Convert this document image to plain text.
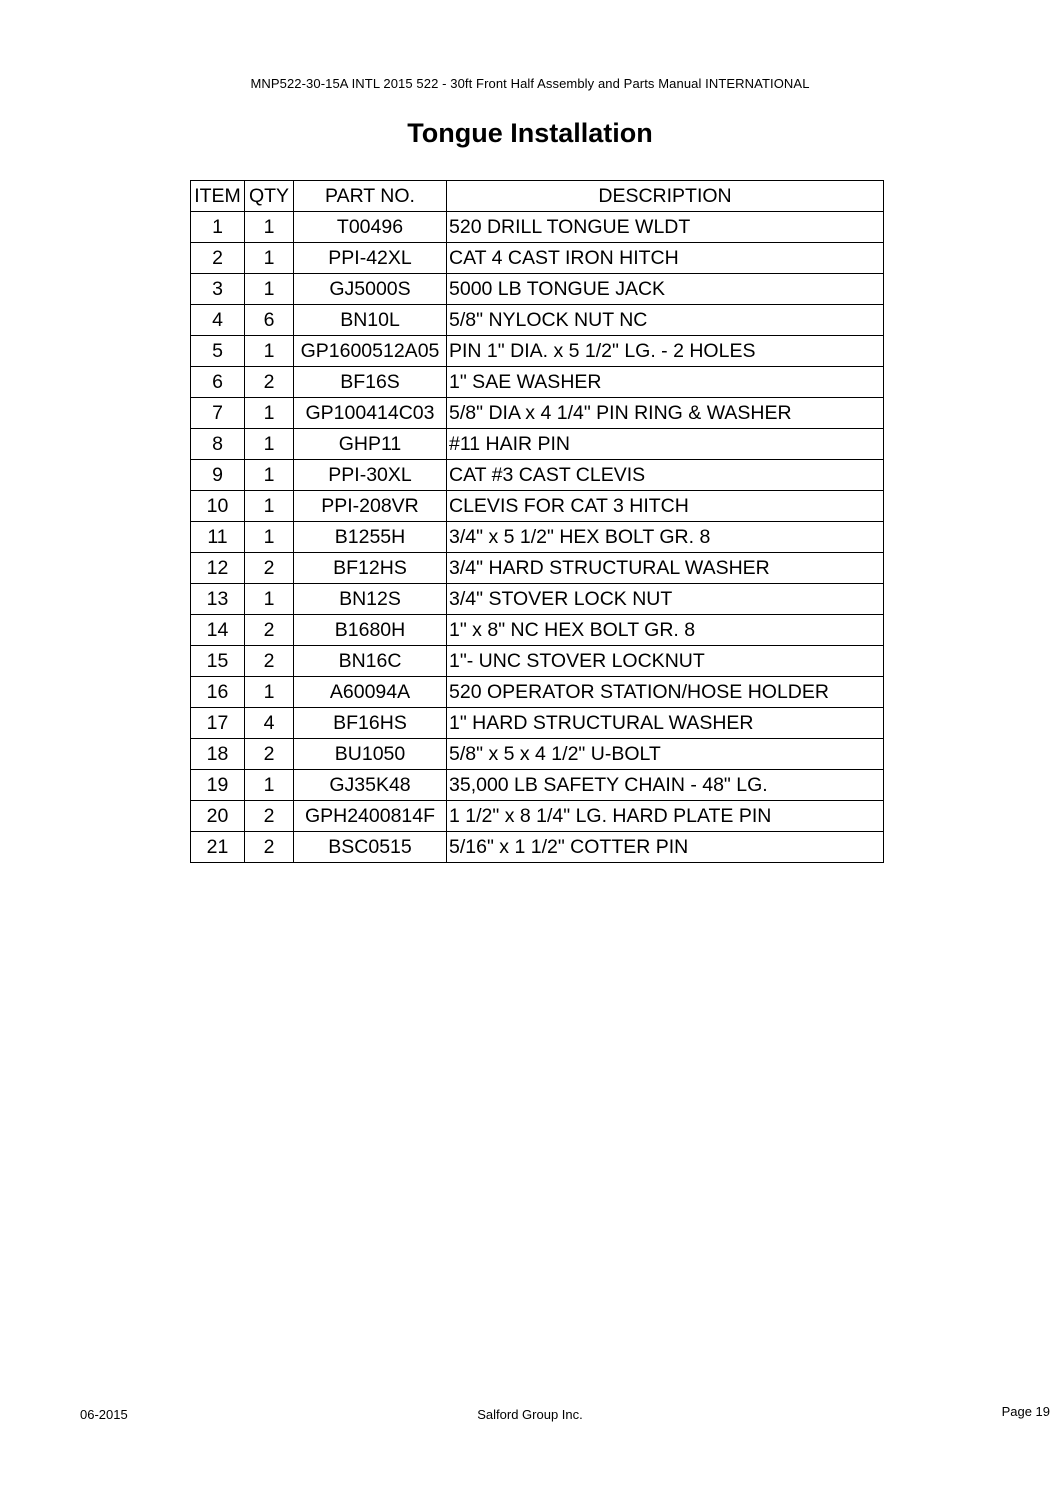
MNP522-30-15A INTL 2015 522 - 30ft Front Half Assembly and Parts Manual INTERNATIONAL
Tongue Installation
ITEM	QTY	PART NO.	DESCRIPTION
1	1	T00496	520 DRILL TONGUE WLDT
2	1	PPI-42XL	CAT 4 CAST IRON HITCH
3	1	GJ5000S	5000 LB TONGUE JACK
4	6	BN10L	5/8" NYLOCK NUT NC
5	1	GP1600512A05	PIN 1" DIA. x 5 1/2" LG. - 2 HOLES
6	2	BF16S	1" SAE WASHER
7	1	GP100414C03	5/8" DIA x 4 1/4" PIN RING & WASHER
8	1	GHP11	#11 HAIR PIN
9	1	PPI-30XL	CAT #3 CAST CLEVIS
10	1	PPI-208VR	CLEVIS FOR CAT 3 HITCH
11	1	B1255H	3/4" x 5 1/2" HEX BOLT GR. 8
12	2	BF12HS	3/4" HARD STRUCTURAL WASHER
13	1	BN12S	3/4" STOVER LOCK NUT
14	2	B1680H	1" x 8" NC HEX BOLT GR. 8
15	2	BN16C	1"- UNC STOVER LOCKNUT
16	1	A60094A	520 OPERATOR STATION/HOSE HOLDER
17	4	BF16HS	1" HARD STRUCTURAL WASHER
18	2	BU1050	5/8" x 5 x 4 1/2" U-BOLT
19	1	GJ35K48	35,000 LB SAFETY CHAIN - 48" LG.
20	2	GPH2400814F	1 1/2" x 8 1/4" LG. HARD PLATE PIN
21	2	BSC0515	5/16" x 1 1/2" COTTER PIN
06-2015	Salford Group Inc.	Page 19
